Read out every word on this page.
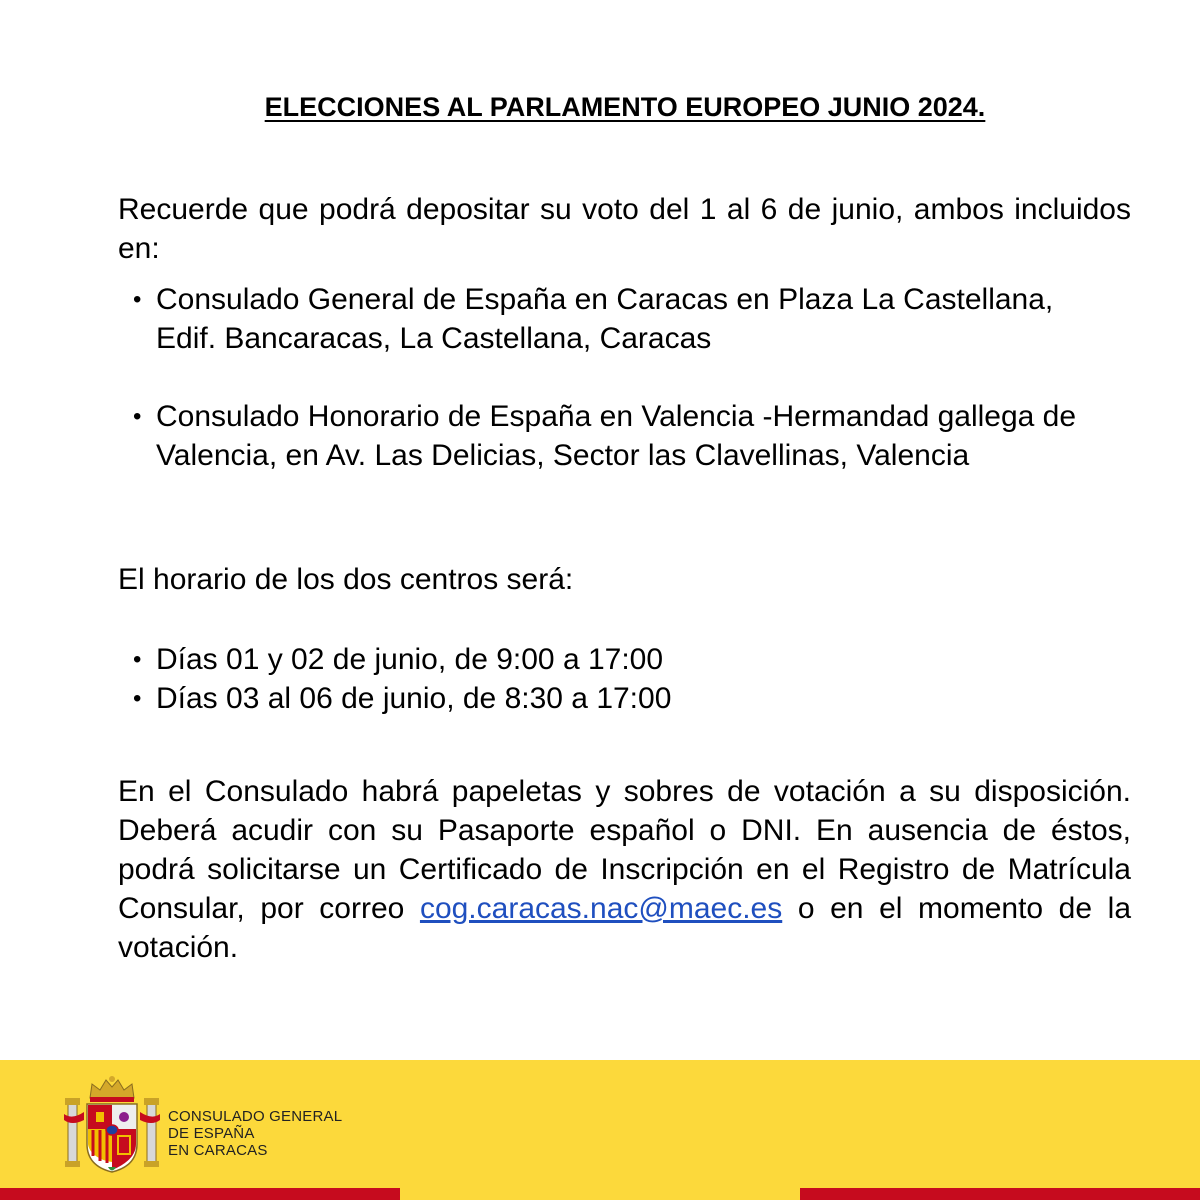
ELECCIONES AL PARLAMENTO EUROPEO JUNIO 2024.

Recuerde que podrá depositar su voto del 1 al 6 de junio, ambos incluidos en:

• Consulado General de España en Caracas en Plaza La Castellana, Edif. Bancaracas, La Castellana, Caracas
• Consulado Honorario de España en Valencia -Hermandad gallega de Valencia, en Av. Las Delicias, Sector las Clavellinas, Valencia

El horario de los dos centros será:

• Días 01 y 02 de junio, de 9:00 a 17:00
• Días 03 al 06 de junio, de 8:30 a 17:00

En el Consulado habrá papeletas y sobres de votación a su disposición. Deberá acudir con su Pasaporte español o DNI. En ausencia de éstos, podrá solicitarse un Certificado de Inscripción en el Registro de Matrícula Consular, por correo cog.caracas.nac@maec.es o en el momento de la votación.

CONSULADO GENERAL
DE ESPAÑA
EN CARACAS
